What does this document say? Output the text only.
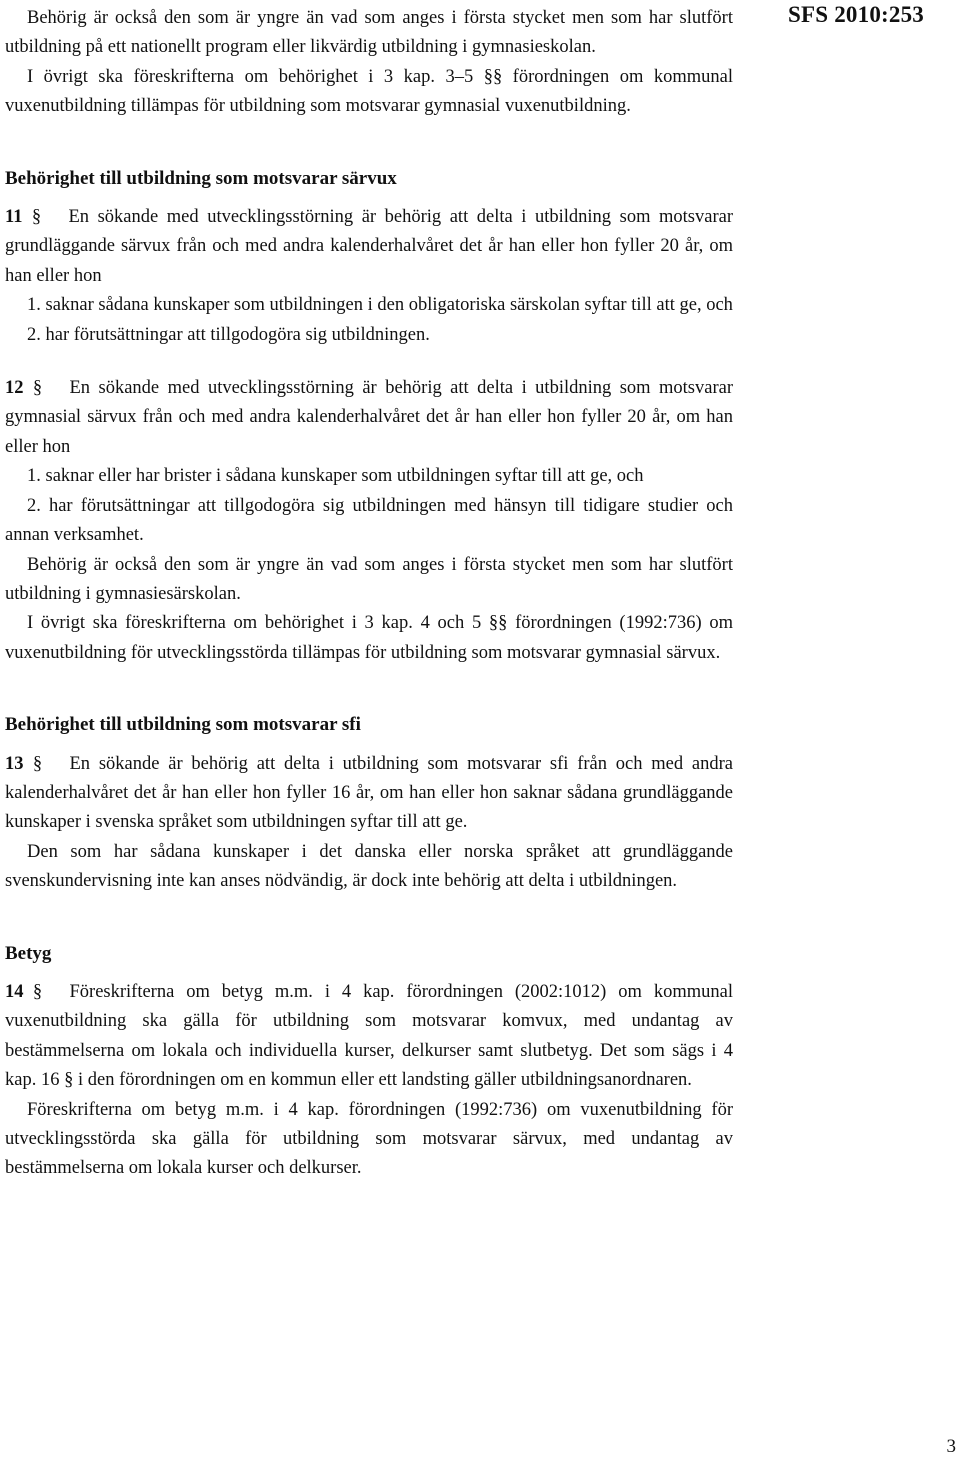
SFS 2010:253

Behörig är också den som är yngre än vad som anges i första stycket men som har slutfört utbildning på ett nationellt program eller likvärdig utbildning i gymnasieskolan.

I övrigt ska föreskrifterna om behörighet i 3 kap. 3–5 §§ förordningen om kommunal vuxenutbildning tillämpas för utbildning som motsvarar gymnasial vuxenutbildning.

Behörighet till utbildning som motsvarar särvux

11 § En sökande med utvecklingsstörning är behörig att delta i utbildning som motsvarar grundläggande särvux från och med andra kalenderhalvåret det år han eller hon fyller 20 år, om han eller hon

1. saknar sådana kunskaper som utbildningen i den obligatoriska särskolan syftar till att ge, och

2. har förutsättningar att tillgodogöra sig utbildningen.

12 § En sökande med utvecklingsstörning är behörig att delta i utbildning som motsvarar gymnasial särvux från och med andra kalenderhalvåret det år han eller hon fyller 20 år, om han eller hon

1. saknar eller har brister i sådana kunskaper som utbildningen syftar till att ge, och

2. har förutsättningar att tillgodogöra sig utbildningen med hänsyn till tidigare studier och annan verksamhet.

Behörig är också den som är yngre än vad som anges i första stycket men som har slutfört utbildning i gymnasiesärskolan.

I övrigt ska föreskrifterna om behörighet i 3 kap. 4 och 5 §§ förordningen (1992:736) om vuxenutbildning för utvecklingsstörda tillämpas för utbildning som motsvarar gymnasial särvux.

Behörighet till utbildning som motsvarar sfi

13 § En sökande är behörig att delta i utbildning som motsvarar sfi från och med andra kalenderhalvåret det år han eller hon fyller 16 år, om han eller hon saknar sådana grundläggande kunskaper i svenska språket som utbildningen syftar till att ge.

Den som har sådana kunskaper i det danska eller norska språket att grundläggande svenskundervisning inte kan anses nödvändig, är dock inte behörig att delta i utbildningen.

Betyg

14 § Föreskrifterna om betyg m.m. i 4 kap. förordningen (2002:1012) om kommunal vuxenutbildning ska gälla för utbildning som motsvarar komvux, med undantag av bestämmelserna om lokala och individuella kurser, delkurser samt slutbetyg. Det som sägs i 4 kap. 16 § i den förordningen om en kommun eller ett landsting gäller utbildningsanordnaren.

Föreskrifterna om betyg m.m. i 4 kap. förordningen (1992:736) om vuxenutbildning för utvecklingsstörda ska gälla för utbildning som motsvarar särvux, med undantag av bestämmelserna om lokala kurser och delkurser.

3
